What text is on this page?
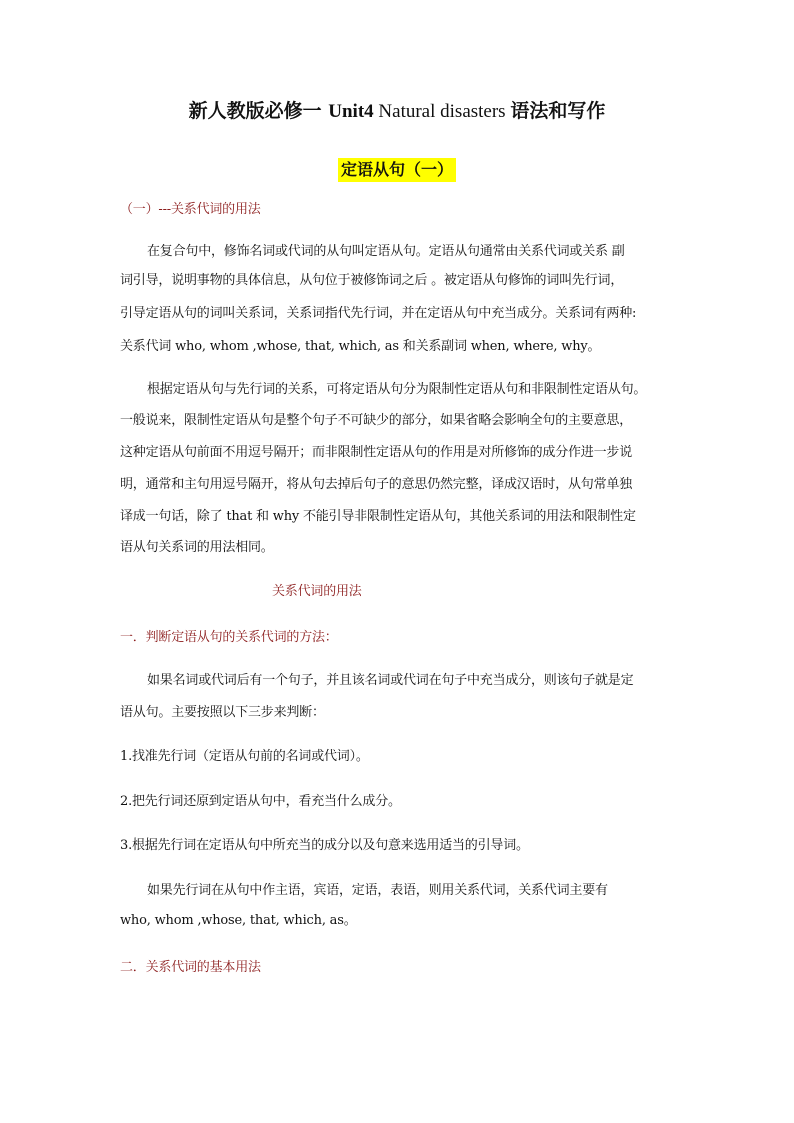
新人教版必修一 Unit4 Natural disasters 语法和写作
定语从句（一）
（一）---关系代词的用法
在复合句中，修饰名词或代词的从句叫定语从句。定语从句通常由关系代词或关系 副
词引导，说明事物的具体信息，从句位于被修饰词之后 。被定语从句修饰的词叫先行词，
引导定语从句的词叫关系词，关系词指代先行词，并在定语从句中充当成分。关系词有两种:
关系代词 who, whom ,whose, that, which, as 和关系副词 when, where, why。
根据定语从句与先行词的关系，可将定语从句分为限制性定语从句和非限制性定语从句。
一般说来，限制性定语从句是整个句子不可缺少的部分，如果省略会影响全句的主要意思，
这种定语从句前面不用逗号隔开；而非限制性定语从句的作用是对所修饰的成分作进一步说
明，通常和主句用逗号隔开，将从句去掉后句子的意思仍然完整，译成汉语时，从句常单独
译成一句话，除了 that 和 why 不能引导非限制性定语从句，其他关系词的用法和限制性定
语从句关系词的用法相同。
关系代词的用法
一．判断定语从句的关系代词的方法：
如果名词或代词后有一个句子，并且该名词或代词在句子中充当成分，则该句子就是定
语从句。主要按照以下三步来判断：
1.找准先行词（定语从句前的名词或代词）。
2.把先行词还原到定语从句中，看充当什么成分。
3.根据先行词在定语从句中所充当的成分以及句意来选用适当的引导词。
如果先行词在从句中作主语，宾语，定语，表语，则用关系代词，关系代词主要有
who, whom ,whose, that, which, as。
二．关系代词的基本用法
